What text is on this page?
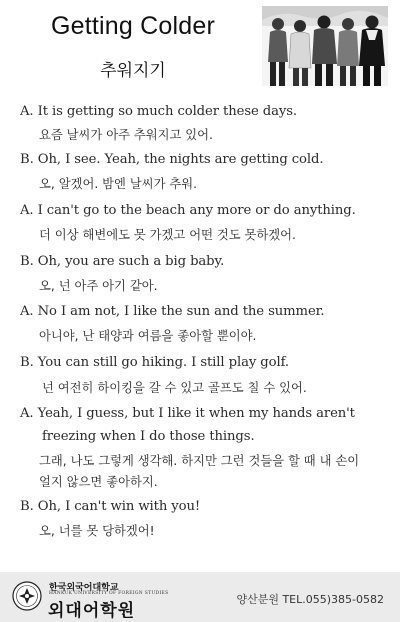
Getting Colder
추워지기
A. It is getting so much colder these days.
요즘 날씨가 아주 추워지고 있어.
B. Oh, I see. Yeah, the nights are getting cold.
오, 알겠어. 밤엔 날씨가 추워.
A. I can't go to the beach any more or do anything.
더 이상 해변에도 못 가겠고 어떤 것도 못하겠어.
B. Oh, you are such a big baby.
오, 넌 아주 아기 같아.
A. No I am not, I like the sun and the summer.
아니야, 난 태양과 여름을 좋아할 뿐이야.
B. You can still go hiking. I still play golf.
넌 여전히 하이킹을 갈 수 있고 골프도 칠 수 있어.
A. Yeah, I guess, but I like it when my hands aren't
freezing when I do those things.
그래, 나도 그렇게 생각해. 하지만 그런 것들을 할 때 내 손이
얼지 않으면 좋아하지.
B. Oh, I can't win with you!
오, 너를 못 당하겠어!
한국외국어대학교
HANKUK UNIVERSITY OF FOREIGN STUDIES
외대어학원
양산분원 TEL.055)385-0582
